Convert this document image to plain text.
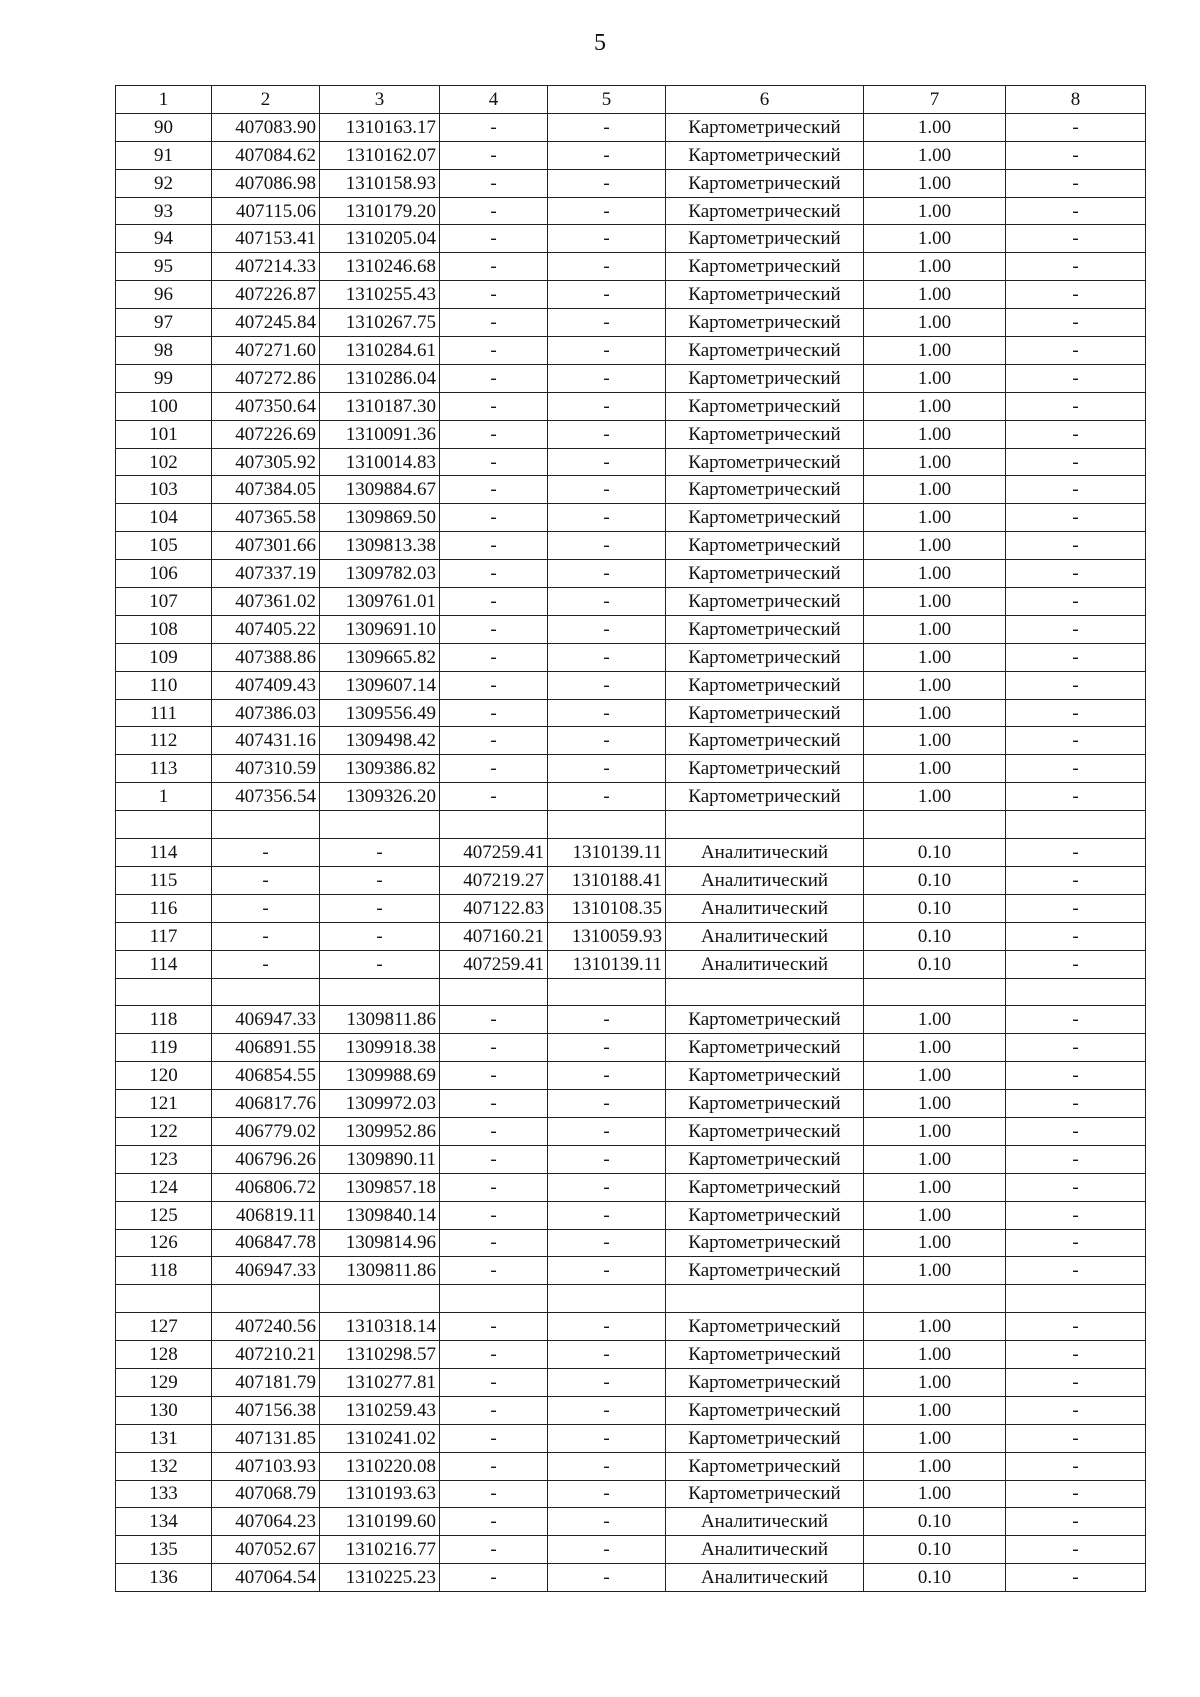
5
1	2	3	4	5	6	7	8
90	407083.90	1310163.17	-	-	Картометрический	1.00	-
91	407084.62	1310162.07	-	-	Картометрический	1.00	-
92	407086.98	1310158.93	-	-	Картометрический	1.00	-
93	407115.06	1310179.20	-	-	Картометрический	1.00	-
94	407153.41	1310205.04	-	-	Картометрический	1.00	-
95	407214.33	1310246.68	-	-	Картометрический	1.00	-
96	407226.87	1310255.43	-	-	Картометрический	1.00	-
97	407245.84	1310267.75	-	-	Картометрический	1.00	-
98	407271.60	1310284.61	-	-	Картометрический	1.00	-
99	407272.86	1310286.04	-	-	Картометрический	1.00	-
100	407350.64	1310187.30	-	-	Картометрический	1.00	-
101	407226.69	1310091.36	-	-	Картометрический	1.00	-
102	407305.92	1310014.83	-	-	Картометрический	1.00	-
103	407384.05	1309884.67	-	-	Картометрический	1.00	-
104	407365.58	1309869.50	-	-	Картометрический	1.00	-
105	407301.66	1309813.38	-	-	Картометрический	1.00	-
106	407337.19	1309782.03	-	-	Картометрический	1.00	-
107	407361.02	1309761.01	-	-	Картометрический	1.00	-
108	407405.22	1309691.10	-	-	Картометрический	1.00	-
109	407388.86	1309665.82	-	-	Картометрический	1.00	-
110	407409.43	1309607.14	-	-	Картометрический	1.00	-
111	407386.03	1309556.49	-	-	Картометрический	1.00	-
112	407431.16	1309498.42	-	-	Картометрический	1.00	-
113	407310.59	1309386.82	-	-	Картометрический	1.00	-
1	407356.54	1309326.20	-	-	Картометрический	1.00	-

114	-	-	407259.41	1310139.11	Аналитический	0.10	-
115	-	-	407219.27	1310188.41	Аналитический	0.10	-
116	-	-	407122.83	1310108.35	Аналитический	0.10	-
117	-	-	407160.21	1310059.93	Аналитический	0.10	-
114	-	-	407259.41	1310139.11	Аналитический	0.10	-

118	406947.33	1309811.86	-	-	Картометрический	1.00	-
119	406891.55	1309918.38	-	-	Картометрический	1.00	-
120	406854.55	1309988.69	-	-	Картометрический	1.00	-
121	406817.76	1309972.03	-	-	Картометрический	1.00	-
122	406779.02	1309952.86	-	-	Картометрический	1.00	-
123	406796.26	1309890.11	-	-	Картометрический	1.00	-
124	406806.72	1309857.18	-	-	Картометрический	1.00	-
125	406819.11	1309840.14	-	-	Картометрический	1.00	-
126	406847.78	1309814.96	-	-	Картометрический	1.00	-
118	406947.33	1309811.86	-	-	Картометрический	1.00	-

127	407240.56	1310318.14	-	-	Картометрический	1.00	-
128	407210.21	1310298.57	-	-	Картометрический	1.00	-
129	407181.79	1310277.81	-	-	Картометрический	1.00	-
130	407156.38	1310259.43	-	-	Картометрический	1.00	-
131	407131.85	1310241.02	-	-	Картометрический	1.00	-
132	407103.93	1310220.08	-	-	Картометрический	1.00	-
133	407068.79	1310193.63	-	-	Картометрический	1.00	-
134	407064.23	1310199.60	-	-	Аналитический	0.10	-
135	407052.67	1310216.77	-	-	Аналитический	0.10	-
136	407064.54	1310225.23	-	-	Аналитический	0.10	-
